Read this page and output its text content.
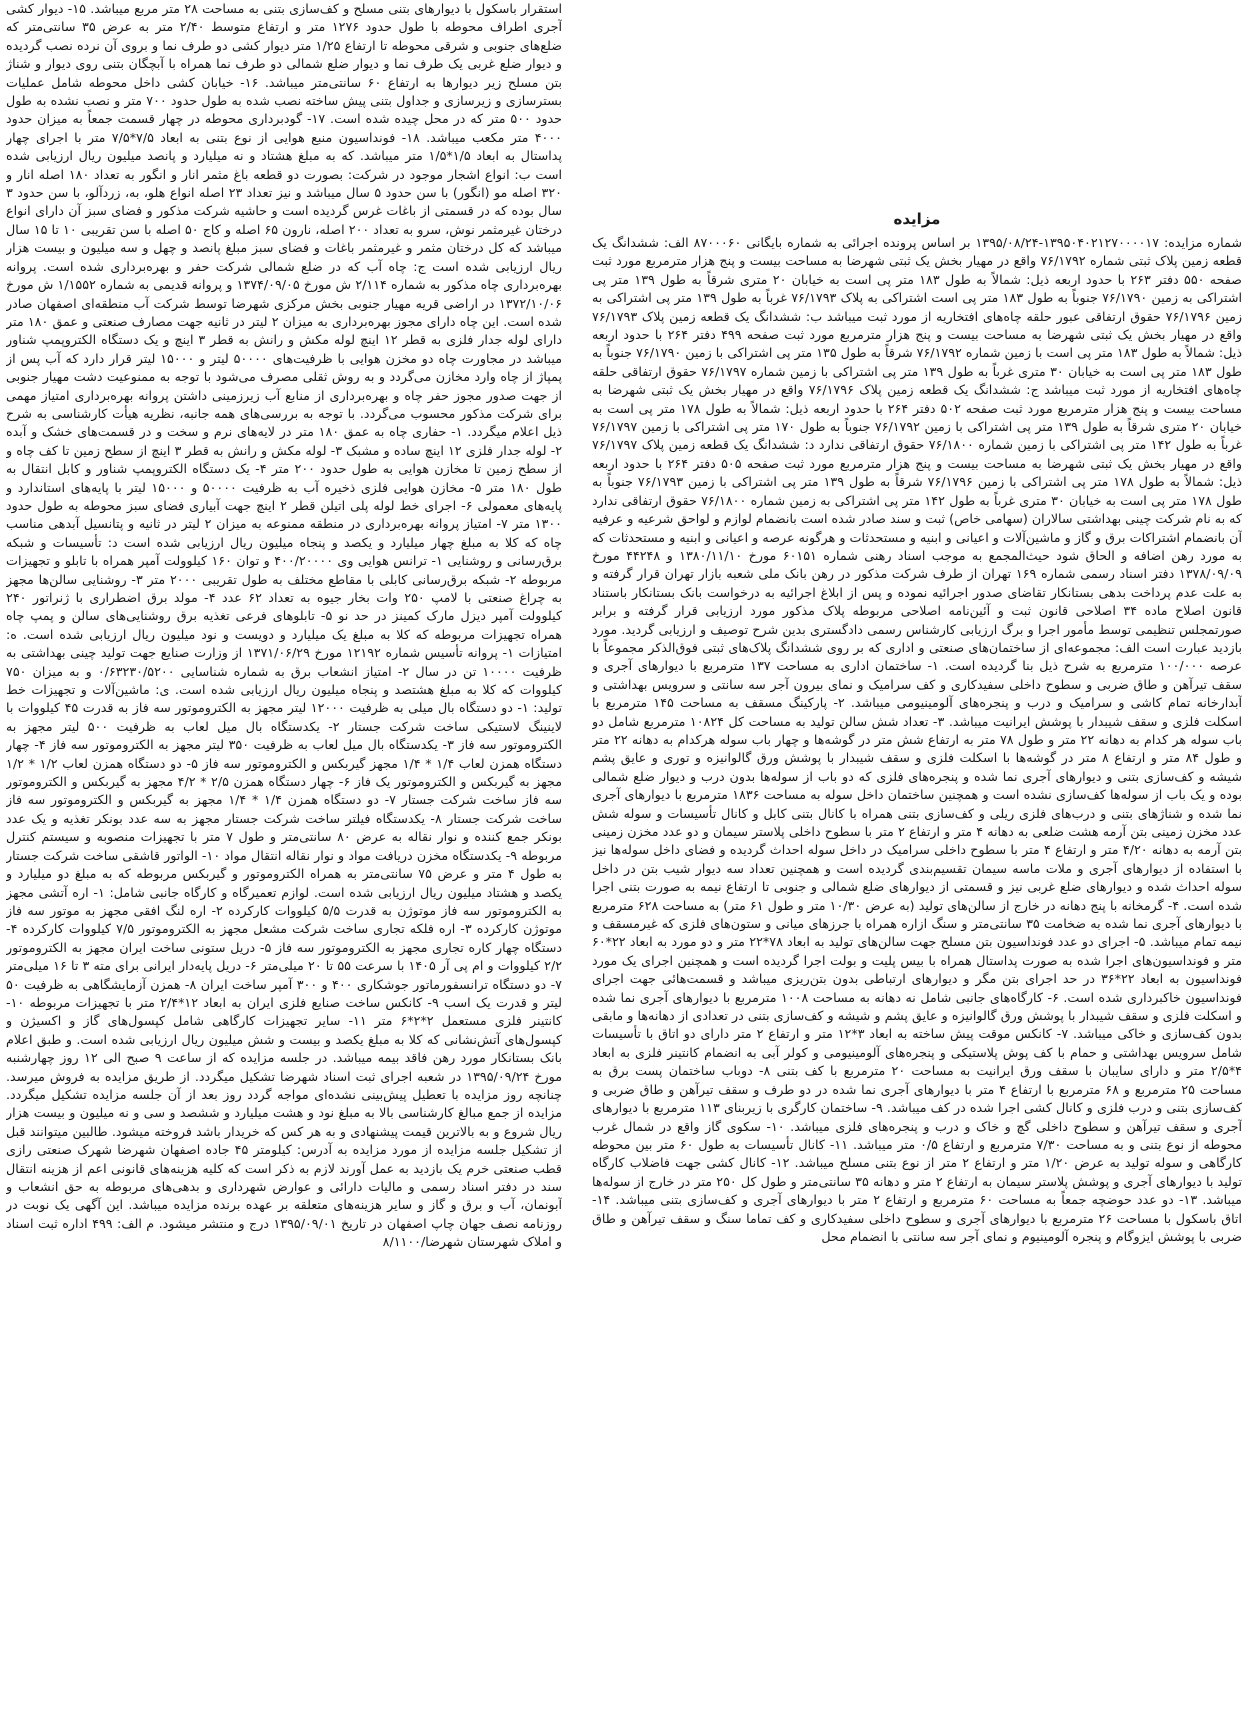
استقرار باسکول با دیوارهای بتنی مسلح و کف‌سازی بتنی به مساحت ۲۸ متر مربع میباشد. ۱۵- دیوار کشی آجری اطراف محوطه با طول حدود ۱۲۷۶ متر و ارتفاع متوسط ۲/۴۰ متر به عرض ۳۵ سانتی‌متر که ضلع‌های جنوبی و شرقی محوطه تا ارتفاع ۱/۲۵ متر دیوار کشی دو طرف نما و بروی آن نرده نصب گردیده و دیوار ضلع غربی یک طرف نما و دیوار ضلع شمالی دو طرف نما همراه با آبچگان بتنی روی دیوار و شناژ بتن مسلح زیر دیوارها به ارتفاع ۶۰ سانتی‌متر میباشد. ۱۶- خیابان کشی داخل محوطه شامل عملیات بسترسازی و زیرسازی و جداول بتنی پیش ساخته نصب شده به طول حدود ۷۰۰ متر و نصب نشده به طول حدود ۵۰۰ متر که در محل چیده شده است. ۱۷- گودبرداری محوطه در چهار قسمت جمعاً به میزان حدود ۴۰۰۰ متر مکعب میباشد. ۱۸- فونداسیون منبع هوایی از نوع بتنی به ابعاد ۷/۵*۷/۵ متر با اجرای چهار پداستال به ابعاد ۱/۵*۱/۵ متر میباشد. که به مبلغ هشتاد و نه میلیارد و پانصد میلیون ریال ارزیابی شده است ب: انواع اشجار موجود در شرکت: بصورت دو قطعه باغ مثمر انار و انگور به تعداد ۱۸۰ اصله انار و ۳۲۰ اصله مو (انگور) با سن حدود ۵ سال میباشد و نیز تعداد ۲۳ اصله انواع هلو، به، زردآلو، با سن حدود ۳ سال بوده که در قسمتی از باغات غرس گردیده است و حاشیه شرکت مذکور و فضای سبز آن دارای انواع درختان غیرمثمر نوش، سرو به تعداد ۲۰۰ اصله، نارون ۶۵ اصله و کاج ۵۰ اصله با سن تقریبی ۱۰ تا ۱۵ سال میباشد که کل درختان مثمر و غیرمثمر باغات و فضای سبز مبلغ پانصد و چهل و سه میلیون و بیست هزار ریال ارزیابی شده است ج: چاه آب که در ضلع شمالی شرکت حفر و بهره‌برداری شده است. پروانه بهره‌برداری چاه مذکور به شماره ۲/۱۱۴ ش مورخ ۱۳۷۴/۰۹/۰۵ و پروانه قدیمی به شماره ۱/۱۵۵۲ ش مورخ ۱۳۷۲/۱۰/۰۶ در اراضی قریه مهیار جنوبی بخش مرکزی شهرضا توسط شرکت آب منطقه‌ای اصفهان صادر شده است. این چاه دارای مجوز بهره‌برداری به میزان ۲ لیتر در ثانیه جهت مصارف صنعتی و عمق ۱۸۰ متر دارای لوله جدار فلزی به قطر ۱۲ اینچ لوله مکش و رانش به قطر ۳ اینچ و یک دستگاه الکتروپمپ شناور میباشد در مجاورت چاه دو مخزن هوایی با ظرفیت‌های ۵۰۰۰۰ لیتر و ۱۵۰۰۰ لیتر قرار دارد که آب پس از پمپاژ از چاه وارد مخازن می‌گردد و به روش ثقلی مصرف می‌شود با توجه به ممنوعیت دشت مهیار جنوبی از جهت صدور مجوز حفر چاه و بهره‌برداری از منابع آب زیرزمینی داشتن پروانه بهره‌برداری امتیاز مهمی برای شرکت مذکور محسوب می‌گردد. با توجه به بررسی‌های همه جانبه، نظریه هیأت کارشناسی به شرح ذیل اعلام میگردد. ۱- حفاری چاه به عمق ۱۸۰ متر در لایه‌های نرم و سخت و در قسمت‌های خشک و آبده ۲- لوله جدار فلزی ۱۲ اینچ ساده و مشبک ۳- لوله مکش و رانش به قطر ۳ اینچ از سطح زمین تا کف چاه و از سطح زمین تا مخازن هوایی به طول حدود ۲۰۰ متر ۴- یک دستگاه الکتروپمپ شناور و کابل انتقال به طول ۱۸۰ متر ۵- مخازن هوایی فلزی ذخیره آب به ظرفیت ۵۰۰۰۰ و ۱۵۰۰۰ لیتر با پایه‌های استاندارد و پایه‌های معمولی ۶- اجرای خط لوله پلی اتیلن قطر ۲ اینچ جهت آبیاری فضای سبز محوطه به طول حدود ۱۳۰۰ متر ۷- امتیاز پروانه بهره‌برداری در منطقه ممنوعه به میزان ۲ لیتر در ثانیه و پتانسیل آبدهی مناسب چاه که کلا به مبلغ چهار میلیارد و یکصد و پنجاه میلیون ریال ارزیابی شده است د: تأسیسات و شبکه برق‌رسانی و روشنایی ۱- ترانس هوایی وی ۴۰۰/۲۰۰۰۰ و توان ۱۶۰ کیلوولت آمپر همراه با تابلو و تجهیزات مربوطه ۲- شبکه برق‌رسانی کابلی با مقاطع مختلف به طول تقریبی ۲۰۰۰ متر ۳- روشنایی سالن‌ها مجهز به چراغ صنعتی با لامپ ۲۵۰ وات بخار جیوه به تعداد ۶۲ عدد ۴- مولد برق اضطراری با ژنراتور ۲۴۰ کیلوولت آمپر دیزل مارک کمینز در حد نو ۵- تابلوهای فرعی تغذیه برق روشنایی‌های سالن و پمپ چاه همراه تجهیزات مربوطه که کلا به مبلغ یک میلیارد و دویست و نود میلیون ریال ارزیابی شده است. ه: امتیازات ۱- پروانه تأسیس شماره ۱۲۱۹۲ مورخ ۱۳۷۱/۰۶/۲۹ از وزارت صنایع جهت تولید چینی بهداشتی به ظرفیت ۱۰۰۰۰ تن در سال ۲- امتیاز انشعاب برق به شماره شناسایی ۰/۶۳۲۳۰/۵۲۰۰ و به میزان ۷۵۰ کیلووات که کلا به مبلغ هشتصد و پنجاه میلیون ریال ارزیابی شده است. ی: ماشین‌آلات و تجهیزات خط تولید: ۱- دو دستگاه بال میلی به ظرفیت ۱۲۰۰۰ لیتر مجهز به الکتروموتور سه فاز به قدرت ۴۵ کیلووات با لاینینگ لاستیکی ساخت شرکت جستار ۲- یکدستگاه بال میل لعاب به ظرفیت ۵۰۰ لیتر مجهز به الکتروموتور سه فاز ۳- یکدستگاه بال میل لعاب به ظرفیت ۳۵۰ لیتر مجهز به الکتروموتور سه فاز ۴- چهار دستگاه همزن لعاب ۱/۴ * ۱/۴ مجهز گیربکس و الکتروموتور سه فاز ۵- دو دستگاه همزن لعاب ۱/۲ * ۱/۲ مجهز به گیربکس و الکتروموتور یک فاز ۶- چهار دستگاه همزن ۲/۵ * ۴/۲ مجهز به گیربکس و الکتروموتور سه فاز ساخت شرکت جستار ۷- دو دستگاه همزن ۱/۴ * ۱/۴ مجهز به گیربکس و الکتروموتور سه فاز ساخت شرکت جستار ۸- یکدستگاه فیلتر ساخت شرکت جستار مجهز به سه عدد بونکر تغذیه و یک عدد بونکر جمع کننده و نوار نقاله به عرض ۸۰ سانتی‌متر و طول ۷ متر با تجهیزات منصوبه و سیستم کنترل مربوطه ۹- یکدستگاه مخزن دریافت مواد و نوار نقاله انتقال مواد ۱۰- الواتور قاشقی ساخت شرکت جستار به طول ۴ متر و عرض ۷۵ سانتی‌متر به همراه الکتروموتور و گیربکس مربوطه که به مبلغ دو میلیارد و یکصد و هشتاد میلیون ریال ارزیابی شده است. لوازم تعمیرگاه و کارگاه جانبی شامل: ۱- اره آتشی مجهز به الکتروموتور سه فاز موتوژن به قدرت ۵/۵ کیلووات کارکرده ۲- اره لنگ افقی مجهز به موتور سه فاز موتوژن کارکرده ۳- اره فلکه تجاری ساخت شرکت مشعل مجهز به الکتروموتور ۷/۵ کیلووات کارکرده ۴- دستگاه چهار کاره تجاری مجهز به الکتروموتور سه فاز ۵- دریل ستونی ساخت ایران مجهز به الکتروموتور ۲/۲ کیلووات و ام پی آر ۱۴۰۵ با سرعت ۵۵ تا ۲۰ میلی‌متر ۶- دریل پایه‌دار ایرانی برای مته ۳ تا ۱۶ میلی‌متر ۷- دو دستگاه ترانسفورماتور جوشکاری ۴۰۰ و ۳۰۰ آمپر ساخت ایران ۸- همزن آزمایشگاهی به ظرفیت ۵۰ لیتر و قدرت یک اسب ۹- کانکس ساخت صنایع فلزی ایران به ابعاد ۱۲*۲/۴ متر با تجهیزات مربوطه ۱۰- کانتینر فلزی مستعمل ۲*۲*۶ متر ۱۱- سایر تجهیزات کارگاهی شامل کپسول‌های گاز و اکسیژن و کپسول‌های آتش‌نشانی که کلا به مبلغ یکصد و بیست و شش میلیون ریال ارزیابی شده است. و طبق اعلام بانک بستانکار مورد رهن فاقد بیمه میباشد. در جلسه مزایده که از ساعت ۹ صبح الی ۱۲ روز چهارشنبه مورخ ۱۳۹۵/۰۹/۲۴ در شعبه اجرای ثبت اسناد شهرضا تشکیل میگردد. از طریق مزایده به فروش میرسد. چنانچه روز مزایده با تعطیل پیش‌بینی نشده‌ای مواجه گردد روز بعد از آن جلسه مزایده تشکیل میگردد. مزایده از جمع مبالغ کارشناسی بالا به مبلغ نود و هشت میلیارد و ششصد و سی و نه میلیون و بیست هزار ریال شروع و به بالاترین قیمت پیشنهادی و به هر کس که خریدار باشد فروخته میشود. طالبین میتوانند قبل از تشکیل جلسه مزایده از مورد مزایده به آدرس: کیلومتر ۴۵ جاده اصفهان شهرضا شهرک صنعتی رازی قطب صنعتی خرم یک بازدید به عمل آورند لازم به ذکر است که کلیه هزینه‌های قانونی اعم از هزینه انتقال سند در دفتر اسناد رسمی و مالیات دارائی و عوارض شهرداری و بدهی‌های مربوطه به حق انشعاب و آبونمان، آب و برق و گاز و سایر هزینه‌های متعلقه بر عهده برنده مزایده میباشد. این آگهی یک نوبت در روزنامه نصف جهان چاپ اصفهان در تاریخ ۱۳۹۵/۰۹/۰۱ درج و منتشر میشود. م الف: ۴۹۹ اداره ثبت اسناد و املاک شهرستان شهرضا/۸/۱۱۰۰

مزایده

شماره مزایده: ۱۳۹۵۰۴۰۲۱۲۷۰۰۰۰۱۷-۱۳۹۵/۰۸/۲۴ بر اساس پرونده اجرائی به شماره بایگانی ۸۷۰۰۰۶۰ الف: ششدانگ یک قطعه زمین پلاک ثبتی شماره ۷۶/۱۷۹۲ واقع در مهیار بخش یک ثبتی شهرضا به مساحت بیست و پنج هزار مترمربع مورد ثبت صفحه ۵۵۰ دفتر ۲۶۳ با حدود اربعه ذیل: شمالاً به طول ۱۸۳ متر پی است به خیابان ۲۰ متری شرقاً به طول ۱۳۹ متر پی اشتراکی به زمین ۷۶/۱۷۹۰ جنوباً به طول ۱۸۳ متر پی است اشتراکی به پلاک ۷۶/۱۷۹۳ غرباً به طول ۱۳۹ متر پی اشتراکی به زمین ۷۶/۱۷۹۶ حقوق ارتفاقی عبور حلقه چاه‌های افتخاریه از مورد ثبت میباشد ب: ششدانگ یک قطعه زمین پلاک ۷۶/۱۷۹۳ واقع در مهیار بخش یک ثبتی شهرضا به مساحت بیست و پنج هزار مترمربع مورد ثبت صفحه ۴۹۹ دفتر ۲۶۴ با حدود اربعه ذیل: شمالاً به طول ۱۸۳ متر پی است با زمین شماره ۷۶/۱۷۹۲ شرقاً به طول ۱۳۵ متر پی اشتراکی با زمین ۷۶/۱۷۹۰ جنوباً به طول ۱۸۳ متر پی است به خیابان ۳۰ متری غرباً به طول ۱۳۹ متر پی اشتراکی با زمین شماره ۷۶/۱۷۹۷ حقوق ارتفاقی حلقه چاه‌های افتخاریه از مورد ثبت میباشد ج: ششدانگ یک قطعه زمین پلاک ۷۶/۱۷۹۶ واقع در مهیار بخش یک ثبتی شهرضا به مساحت بیست و پنج هزار مترمربع مورد ثبت صفحه ۵۰۲ دفتر ۲۶۴ با حدود اربعه ذیل: شمالاً به طول ۱۷۸ متر پی است به خیابان ۲۰ متری شرقاً به طول ۱۳۹ متر پی اشتراکی با زمین ۷۶/۱۷۹۲ جنوباً به طول ۱۷۰ متر پی اشتراکی با زمین ۷۶/۱۷۹۷ غرباً به طول ۱۴۲ متر پی اشتراکی با زمین شماره ۷۶/۱۸۰۰ حقوق ارتفاقی ندارد د: ششدانگ یک قطعه زمین پلاک ۷۶/۱۷۹۷ واقع در مهیار بخش یک ثبتی شهرضا به مساحت بیست و پنج هزار مترمربع مورد ثبت صفحه ۵۰۵ دفتر ۲۶۴ با حدود اربعه ذیل: شمالاً به طول ۱۷۸ متر پی اشتراکی با زمین ۷۶/۱۷۹۶ شرقاً به طول ۱۳۹ متر پی اشتراکی با زمین ۷۶/۱۷۹۳ جنوباً به طول ۱۷۸ متر پی است به خیابان ۳۰ متری غرباً به طول ۱۴۲ متر پی اشتراکی به زمین شماره ۷۶/۱۸۰۰ حقوق ارتفاقی ندارد که به نام شرکت چینی بهداشتی سالاران (سهامی خاص) ثبت و سند صادر شده است بانضمام لوازم و لواحق شرعیه و عرفیه آن بانضمام اشتراکات برق و گاز و ماشین‌آلات و اعیانی و ابنیه و مستحدثات و هرگونه عرصه و اعیانی و ابنیه و مستحدثات که به مورد رهن اضافه و الحاق شود حیث‌المجمع به موجب اسناد رهنی شماره ۶۰۱۵۱ مورخ ۱۳۸۰/۱۱/۱۰ و ۴۴۲۴۸ مورخ ۱۳۷۸/۰۹/۰۹ دفتر اسناد رسمی شماره ۱۶۹ تهران از طرف شرکت مذکور در رهن بانک ملی شعبه بازار تهران قرار گرفته و به علت عدم پرداخت بدهی بستانکار تقاضای صدور اجرائیه نموده و پس از ابلاغ اجرائیه به درخواست بانک بستانکار باستناد قانون اصلاح ماده ۳۴ اصلاحی قانون ثبت و آئین‌نامه اصلاحی مربوطه پلاک مذکور مورد ارزیابی قرار گرفته و برابر صورتمجلس تنظیمی توسط مأمور اجرا و برگ ارزیابی کارشناس رسمی دادگستری بدین شرح توصیف و ارزیابی گردید. مورد بازدید عبارت است الف: مجموعه‌ای از ساختمان‌های صنعتی و اداری که بر روی ششدانگ پلاک‌های ثبتی فوق‌الذکر مجموعاً با عرصه ۱۰۰/۰۰۰ مترمربع به شرح ذیل بنا گردیده است. ۱- ساختمان اداری به مساحت ۱۳۷ مترمربع با دیوارهای آجری و سقف تیرآهن و طاق ضربی و سطوح داخلی سفیدکاری و کف سرامیک و نمای بیرون آجر سه سانتی و سرویس بهداشتی و آبدارخانه تمام کاشی و سرامیک و درب و پنجره‌های آلومینیومی میباشد. ۲- پارکینگ مسقف به مساحت ۱۴۵ مترمربع با اسکلت فلزی و سقف شیبدار با پوشش ایرانیت میباشد. ۳- تعداد شش سالن تولید به مساحت کل ۱۰۸۲۴ مترمربع شامل دو باب سوله هر کدام به دهانه ۲۲ متر و طول ۷۸ متر به ارتفاع شش متر در گوشه‌ها و چهار باب سوله هرکدام به دهانه ۲۲ متر و طول ۸۴ متر و ارتفاع ۸ متر در گوشه‌ها با اسکلت فلزی و سقف شیبدار با پوشش ورق گالوانیزه و توری و عایق پشم شیشه و کف‌سازی بتنی و دیوارهای آجری نما شده و پنجره‌های فلزی که دو باب از سوله‌ها بدون درب و دیوار ضلع شمالی بوده و یک باب از سوله‌ها کف‌سازی نشده است و همچنین ساختمان داخل سوله به مساحت ۱۸۳۶ مترمربع با دیوارهای آجری نما شده و شناژهای بتنی و درب‌های فلزی ریلی و کف‌سازی بتنی همراه با کانال بتنی کابل و کانال تأسیسات و سوله شش عدد مخزن زمینی بتن آرمه هشت ضلعی به دهانه ۴ متر و ارتفاع ۲ متر با سطوح داخلی پلاستر سیمان و دو عدد مخزن زمینی بتن آرمه به دهانه ۴/۲۰ متر و ارتفاع ۴ متر با سطوح داخلی سرامیک در داخل سوله احداث گردیده و فضای داخل سوله‌ها نیز با استفاده از دیوارهای آجری و ملات ماسه سیمان تقسیم‌بندی گردیده است و همچنین تعداد سه دیوار شیب بتن در داخل سوله احداث شده و دیوارهای ضلع غربی نیز و قسمتی از دیوارهای ضلع شمالی و جنوبی تا ارتفاع نیمه به صورت بتنی اجرا شده است. ۴- گرمخانه با پنج دهانه در خارج از سالن‌های تولید (به عرض ۱۰/۳۰ متر و طول ۶۱ متر) به مساحت ۶۲۸ مترمربع با دیوارهای آجری نما شده به ضخامت ۳۵ سانتی‌متر و سنگ ازاره همراه با جرزهای میانی و ستون‌های فلزی که غیرمسقف و نیمه تمام میباشد. ۵- اجرای دو عدد فونداسیون بتن مسلح جهت سالن‌های تولید به ابعاد ۷۸*۲۲ متر و دو مورد به ابعاد ۲۲*۶۰ متر و فونداسیون‌های اجرا شده به صورت پداستال همراه با بیس پلیت و بولت اجرا گردیده است و همچنین اجرای یک مورد فونداسیون به ابعاد ۲۲*۳۶ در حد اجرای بتن مگر و دیوارهای ارتباطی بدون بتن‌ریزی میباشد و قسمت‌هائی جهت اجرای فونداسیون خاکبرداری شده است. ۶- کارگاه‌های جانبی شامل نه دهانه به مساحت ۱۰۰۸ مترمربع با دیوارهای آجری نما شده و اسکلت فلزی و سقف شیبدار با پوشش ورق گالوانیزه و عایق پشم و شیشه و کف‌سازی بتنی در تعدادی از دهانه‌ها و مابقی بدون کف‌سازی و خاکی میباشد. ۷- کانکس موقت پیش ساخته به ابعاد ۳*۱۲ متر و ارتفاع ۲ متر دارای دو اتاق با تأسیسات شامل سرویس بهداشتی و حمام با کف پوش پلاستیکی و پنجره‌های آلومینیومی و کولر آبی به انضمام کانتینر فلزی به ابعاد ۴*۲/۵ متر و دارای سایبان با سقف ورق ایرانیت به مساحت ۲۰ مترمربع با کف بتنی ۸- دوباب ساختمان پست برق به مساحت ۲۵ مترمربع و ۶۸ مترمربع با ارتفاع ۴ متر با دیوارهای آجری نما شده در دو طرف و سقف تیرآهن و طاق ضربی و کف‌سازی بتنی و درب فلزی و کانال کشی اجرا شده در کف میباشد. ۹- ساختمان کارگری با زیربنای ۱۱۳ مترمربع با دیوارهای آجری و سقف تیرآهن و سطوح داخلی گچ و خاک و درب و پنجره‌های فلزی میباشد. ۱۰- سکوی گاز واقع در شمال غرب محوطه از نوع بتنی و به مساحت ۷/۳۰ مترمربع و ارتفاع ۰/۵ متر میباشد. ۱۱- کانال تأسیسات به طول ۶۰ متر بین محوطه کارگاهی و سوله تولید به عرض ۱/۲۰ متر و ارتفاع ۲ متر از نوع بتنی مسلح میباشد. ۱۲- کانال کشی جهت فاضلاب کارگاه تولید با دیوارهای آجری و پوشش پلاستر سیمان به ارتفاع ۲ متر و دهانه ۳۵ سانتی‌متر و طول کل ۲۵۰ متر در خارج از سوله‌ها میباشد. ۱۳- دو عدد حوضچه جمعاً به مساحت ۶۰ مترمربع و ارتفاع ۲ متر با دیوارهای آجری و کف‌سازی بتنی میباشد. ۱۴- اتاق باسکول با مساحت ۲۶ مترمربع با دیوارهای آجری و سطوح داخلی سفیدکاری و کف تماما سنگ و سقف تیرآهن و طاق ضربی با پوشش ایزوگام و پنجره آلومینیوم و نمای آجر سه سانتی با انضمام محل
